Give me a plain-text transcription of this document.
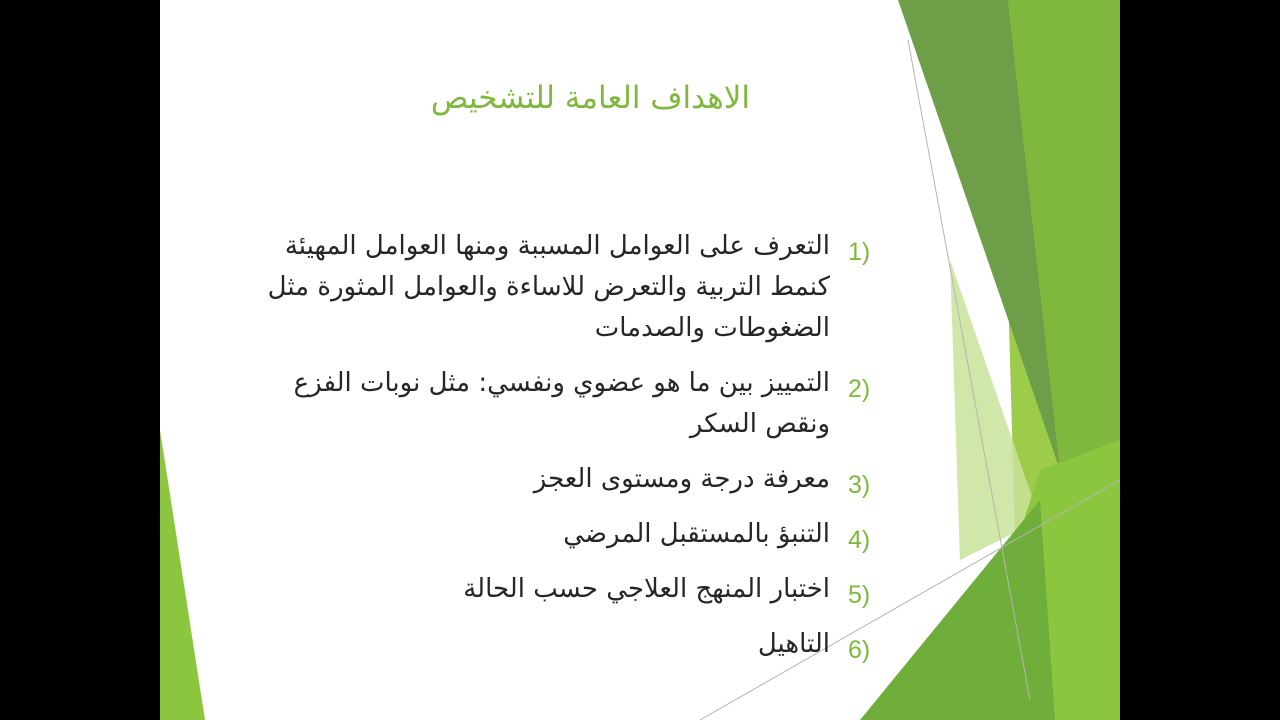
الاهداف العامة للتشخيص
1)
التعرف على العوامل المسببة ومنها العوامل المهيئة كنمط التربية والتعرض للاساءة والعوامل المثورة مثل الضغوطات والصدمات
2)
التمييز بين ما هو عضوي ونفسي: مثل نوبات الفزع ونقص السكر
3)
معرفة درجة ومستوى العجز
4)
التنبؤ بالمستقبل المرضي
5)
اختبار المنهج العلاجي حسب الحالة
6)
التاهيل
